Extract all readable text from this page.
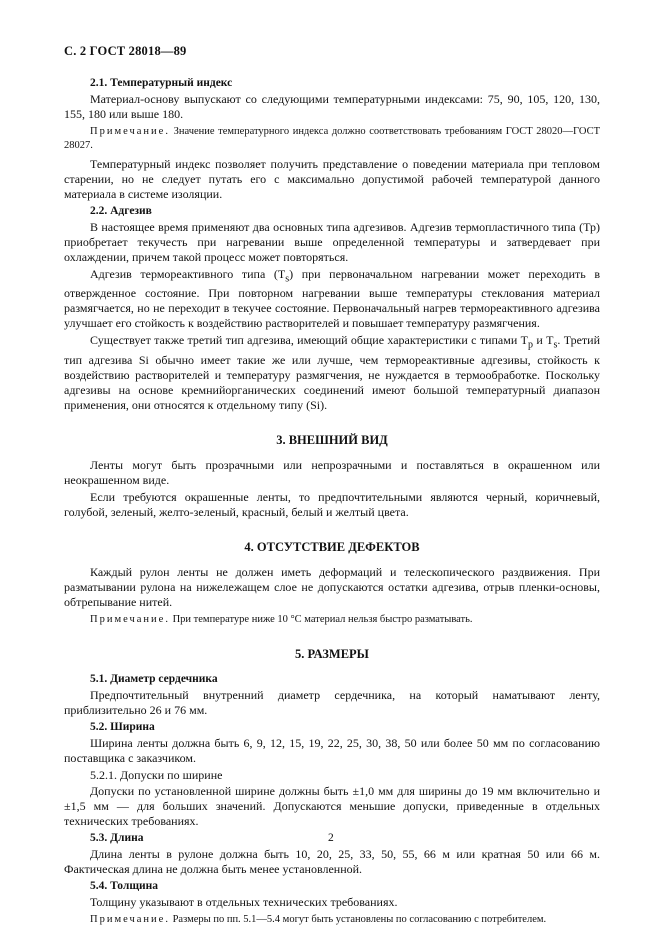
С. 2 ГОСТ 28018—89
2.1. Температурный индекс

Материал-основу выпускают со следующими температурными индексами: 75, 90, 105, 120, 130, 155, 180 или выше 180.

Примечание. Значение температурного индекса должно соответствовать требованиям ГОСТ 28020—ГОСТ 28027.

Температурный индекс позволяет получить представление о поведении материала при тепловом старении, но не следует путать его с максимально допустимой рабочей температурой данного материала в системе изоляции.

2.2. Адгезив

В настоящее время применяют два основных типа адгезивов. Адгезив термопластичного типа (Тр) приобретает текучесть при нагревании выше определенной температуры и затвердевает при охлаждении, причем такой процесс может повторяться.

Адгезив термореактивного типа $(T_s)$ при первоначальном нагревании может переходить в отвержденное состояние. При повторном нагревании выше температуры стеклования материал размягчается, но не переходит в текучее состояние. Первоначальный нагрев термореактивного адгезива улучшает его стойкость к воздействию растворителей и повышает температуру размягчения.

Существует также третий тип адгезива, имеющий общие характеристики с типами $T_p$ и $T_s$. Третий тип адгезива Si обычно имеет такие же или лучше, чем термореактивные адгезивы, стойкость к воздействию растворителей и температуру размягчения, не нуждается в термообработке. Поскольку адгезивы на основе кремнийорганических соединений имеют большой температурный диапазон применения, они относятся к отдельному типу (Si).

3. ВНЕШНИЙ ВИД

Ленты могут быть прозрачными или непрозрачными и поставляться в окрашенном или неокрашенном виде.

Если требуются окрашенные ленты, то предпочтительными являются черный, коричневый, голубой, зеленый, желто-зеленый, красный, белый и желтый цвета.

4. ОТСУТСТВИЕ ДЕФЕКТОВ

Каждый рулон ленты не должен иметь деформаций и телескопического раздвижения. При разматывании рулона на нижележащем слое не допускаются остатки адгезива, отрыв пленки-основы, обтрепывание нитей.

Примечание. При температуре ниже 10 °С материал нельзя быстро разматывать.

5. РАЗМЕРЫ
5.1. Диаметр сердечника

Предпочтительный внутренний диаметр сердечника, на который наматывают ленту, приблизительно 26 и 76 мм.

5.2. Ширина

Ширина ленты должна быть 6, 9, 12, 15, 19, 22, 25, 30, 38, 50 или более 50 мм по согласованию поставщика с заказчиком.

5.2.1. Допуски по ширине

Допуски по установленной ширине должны быть ±1,0 мм для ширины до 19 мм включительно и ±1,5 мм — для больших значений. Допускаются меньшие допуски, приведенные в отдельных технических требованиях.

5.3. Длина

Длина ленты в рулоне должна быть 10, 20, 25, 33, 50, 55, 66 м или кратная 50 или 66 м. Фактическая длина не должна быть менее установленной.

5.4. Толщина

Толщину указывают в отдельных технических требованиях.

Примечание. Размеры по пп. 5.1—5.4 могут быть установлены по согласованию с потребителем.

2
